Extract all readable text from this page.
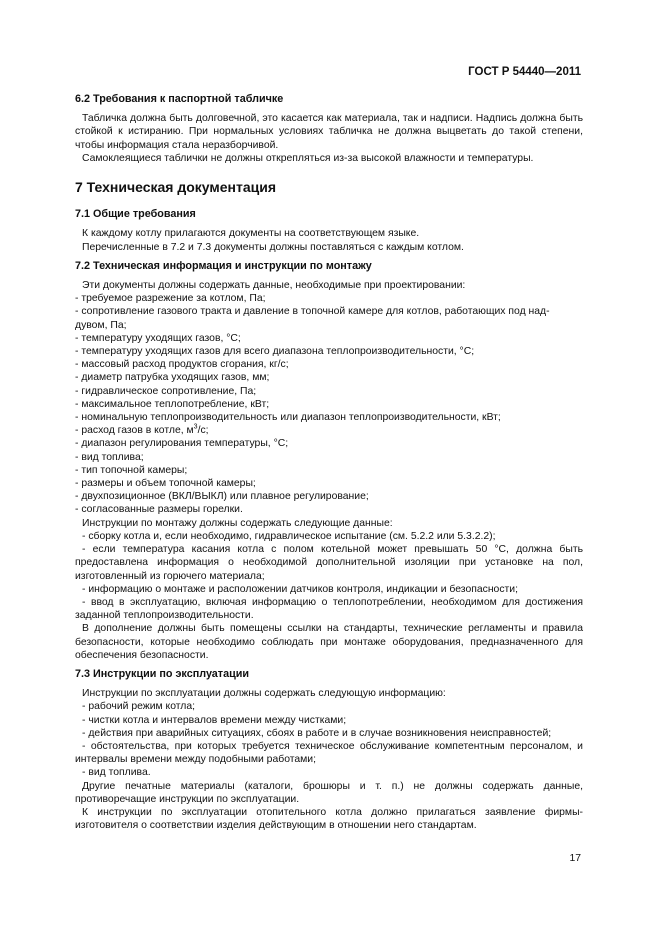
ГОСТ Р 54440—2011
6.2 Требования к паспортной табличке

Табличка должна быть долговечной, это касается как материала, так и надписи. Надпись должна быть стойкой к истиранию. При нормальных условиях табличка не должна выцветать до такой степени, чтобы информация стала неразборчивой.

Самоклеящиеся таблички не должны открепляться из-за высокой влажности и температуры.

7 Техническая документация
7.1 Общие требования

К каждому котлу прилагаются документы на соответствующем языке.

Перечисленные в 7.2 и 7.3 документы должны поставляться с каждым котлом.

7.2 Техническая информация и инструкции по монтажу

Эти документы должны содержать данные, необходимые при проектировании:

- требуемое разрежение за котлом, Па;

- сопротивление газового тракта и давление в топочной камере для котлов, работающих под над-

дувом, Па;

- температуру уходящих газов, °С;

- температуру уходящих газов для всего диапазона теплопроизводительности, °С;

- массовый расход продуктов сгорания, кг/с;

- диаметр патрубка уходящих газов, мм;

- гидравлическое сопротивление, Па;

- максимальное теплопотребление, кВт;

- номинальную теплопроизводительность или диапазон теплопроизводительности, кВт;

- расход газов в котле, $м^3/с$;

- диапазон регулирования температуры, °С;

- вид топлива;

- тип топочной камеры;

- размеры и объем топочной камеры;

- двухпозиционное (ВКЛ/ВЫКЛ) или плавное регулирование;

- согласованные размеры горелки.

Инструкции по монтажу должны содержать следующие данные:

- сборку котла и, если необходимо, гидравлическое испытание (см. 5.2.2 или 5.3.2.2);

- если температура касания котла с полом котельной может превышать 50 °С, должна быть предоставлена информация о необходимой дополнительной изоляции при установке на пол, изготовленный из горючего материала;

- информацию о монтаже и расположении датчиков контроля, индикации и безопасности;

- ввод в эксплуатацию, включая информацию о теплопотреблении, необходимом для достижения заданной теплопроизводительности.

В дополнение должны быть помещены ссылки на стандарты, технические регламенты и правила безопасности, которые необходимо соблюдать при монтаже оборудования, предназначенного для обеспечения безопасности.

7.3 Инструкции по эксплуатации

Инструкции по эксплуатации должны содержать следующую информацию:

- рабочий режим котла;

- чистки котла и интервалов времени между чистками;

- действия при аварийных ситуациях, сбоях в работе и в случае возникновения неисправностей;

- обстоятельства, при которых требуется техническое обслуживание компетентным персоналом, и интервалы времени между подобными работами;

- вид топлива.

Другие печатные материалы (каталоги, брошюры и т. п.) не должны содержать данные, противоречащие инструкции по эксплуатации.

К инструкции по эксплуатации отопительного котла должно прилагаться заявление фирмы-изготовителя о соответствии изделия действующим в отношении него стандартам.

17
